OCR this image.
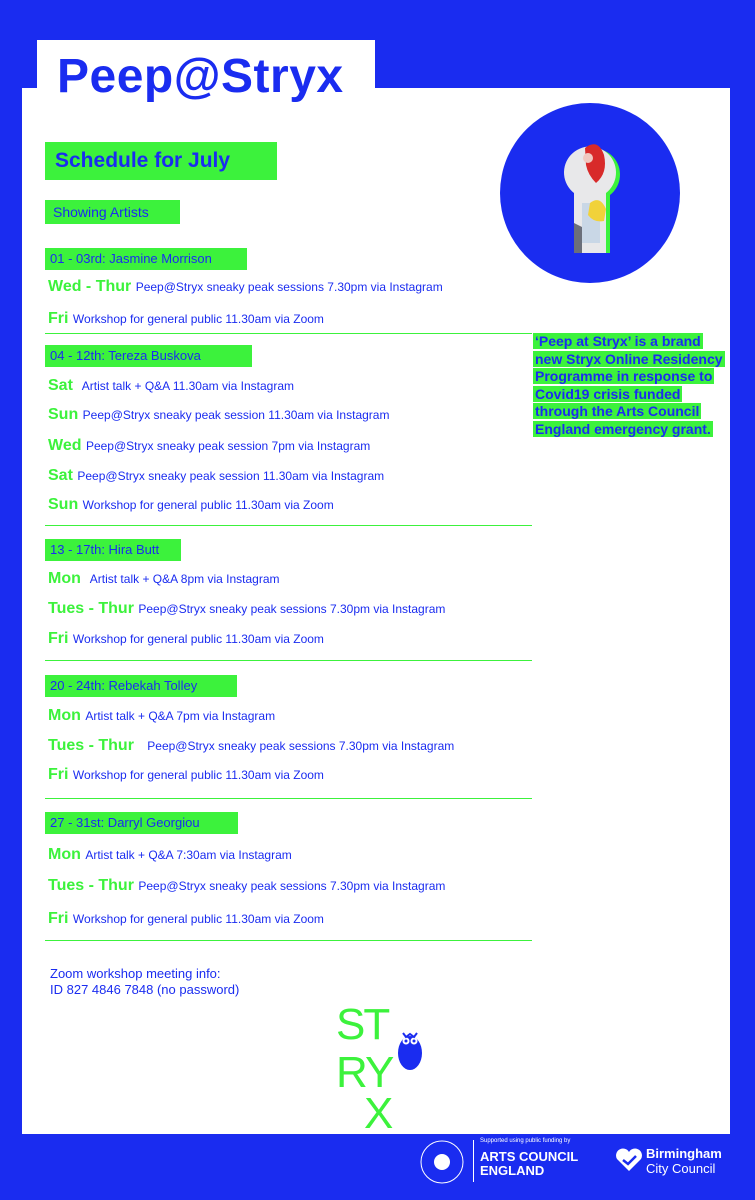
Peep@Stryx
Schedule for July
Showing Artists
01 - 03rd: Jasmine Morrison
Wed - Thur Peep@Stryx sneaky peak sessions 7.30pm via Instagram
Fri Workshop for general public 11.30am via Zoom
04 - 12th: Tereza Buskova
Sat Artist talk + Q&A 11.30am via Instagram
Sun Peep@Stryx sneaky peak session 11.30am via Instagram
Wed Peep@Stryx sneaky peak session 7pm via Instagram
Sat Peep@Stryx sneaky peak session 11.30am via Instagram
Sun Workshop for general public 11.30am via Zoom
13 - 17th: Hira Butt
Mon Artist talk + Q&A 8pm via Instagram
Tues - Thur Peep@Stryx sneaky peak sessions 7.30pm via Instagram
Fri Workshop for general public 11.30am via Zoom
20 - 24th: Rebekah Tolley
Mon Artist talk + Q&A 7pm via Instagram
Tues - Thur Peep@Stryx sneaky peak sessions 7.30pm via Instagram
Fri Workshop for general public 11.30am via Zoom
27 - 31st: Darryl Georgiou
Mon Artist talk + Q&A 7:30am via Instagram
Tues - Thur Peep@Stryx sneaky peak sessions 7.30pm via Instagram
Fri Workshop for general public 11.30am via Zoom
‘Peep at Stryx’ is a brand new Stryx Online Residency Programme in response to Covid19 crisis funded through the Arts Council England emergency grant.
Zoom workshop meeting info:
ID 827 4846 7848 (no password)
ST
RY
X
Supported using public funding by
ARTS COUNCIL
ENGLAND
Birmingham
City Council
